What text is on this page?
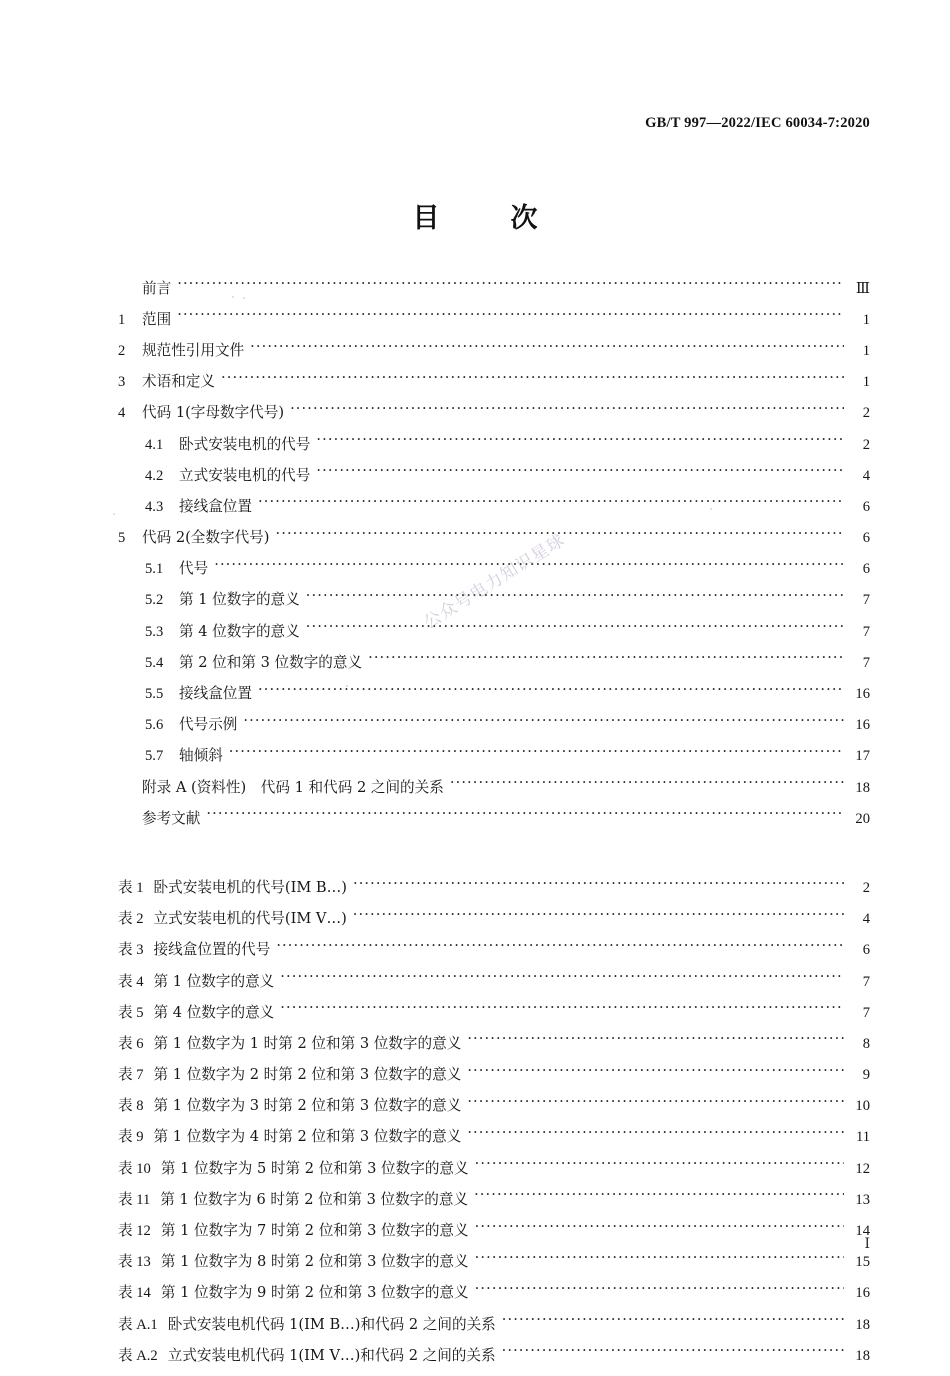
GB/T 997—2022/IEC 60034-7:2020
目　次
前言 ·····	Ⅲ
1	范围 ·····	1
2	规范性引用文件 ·····	1
3	术语和定义 ·····	1
4	代码 1(字母数字代号) ·····	2
4.1	卧式安装电机的代号 ·····	2
4.2	立式安装电机的代号 ·····	4
4.3	接线盒位置 ·····	6
5	代码 2(全数字代号) ·····	6
5.1	代号 ·····	6
5.2	第 1 位数字的意义 ·····	7
5.3	第 4 位数字的意义 ·····	7
5.4	第 2 位和第 3 位数字的意义 ·····	7
5.5	接线盒位置 ·····	16
5.6	代号示例 ·····	16
5.7	轴倾斜 ·····	17
附录 A (资料性)　代码 1 和代码 2 之间的关系 ·····	18
参考文献 ·····	20
表 1 卧式安装电机的代号(IM B…) ·····	2
表 2 立式安装电机的代号(IM V…) ·····	4
表 3 接线盒位置的代号 ·····	6
表 4 第 1 位数字的意义 ·····	7
表 5 第 4 位数字的意义 ·····	7
表 6 第 1 位数字为 1 时第 2 位和第 3 位数字的意义 ·····	8
表 7 第 1 位数字为 2 时第 2 位和第 3 位数字的意义 ·····	9
表 8 第 1 位数字为 3 时第 2 位和第 3 位数字的意义 ·····	10
表 9 第 1 位数字为 4 时第 2 位和第 3 位数字的意义 ·····	11
表 10 第 1 位数字为 5 时第 2 位和第 3 位数字的意义 ·····	12
表 11 第 1 位数字为 6 时第 2 位和第 3 位数字的意义 ·····	13
表 12 第 1 位数字为 7 时第 2 位和第 3 位数字的意义 ·····	14
表 13 第 1 位数字为 8 时第 2 位和第 3 位数字的意义 ·····	15
表 14 第 1 位数字为 9 时第 2 位和第 3 位数字的意义 ·····	16
表 A.1 卧式安装电机代码 1(IM B…)和代码 2 之间的关系 ·····	18
表 A.2 立式安装电机代码 1(IM V…)和代码 2 之间的关系 ·····	18
公众号电力知识星球
Ⅰ
